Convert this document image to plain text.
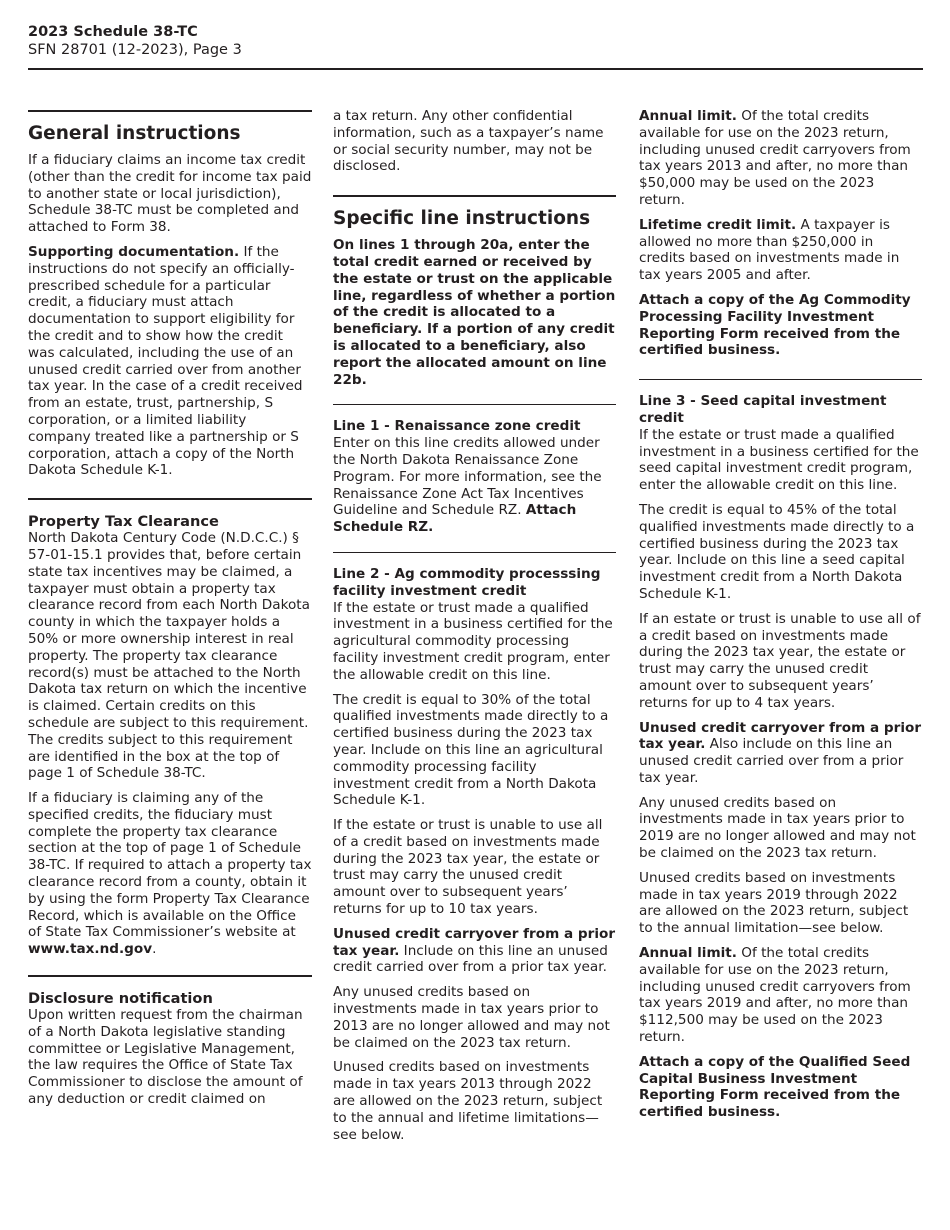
2023 Schedule 38-TC
SFN 28701 (12-2023), Page 3
General instructions

If a fiduciary claims an income tax credit (other than the credit for income tax paid to another state or local jurisdiction), Schedule 38-TC must be completed and attached to Form 38.

Supporting documentation. If the instructions do not specify an officially-prescribed schedule for a particular credit, a fiduciary must attach documentation to support eligibility for the credit and to show how the credit was calculated, including the use of an unused credit carried over from another tax year. In the case of a credit received from an estate, trust, partnership, S corporation, or a limited liability company treated like a partnership or S corporation, attach a copy of the North Dakota Schedule K-1.

Property Tax Clearance

North Dakota Century Code (N.D.C.C.) § 57-01-15.1 provides that, before certain state tax incentives may be claimed, a taxpayer must obtain a property tax clearance record from each North Dakota county in which the taxpayer holds a 50% or more ownership interest in real property. The property tax clearance record(s) must be attached to the North Dakota tax return on which the incentive is claimed. Certain credits on this schedule are subject to this requirement. The credits subject to this requirement are identified in the box at the top of page 1 of Schedule 38-TC.

If a fiduciary is claiming any of the specified credits, the fiduciary must complete the property tax clearance section at the top of page 1 of Schedule 38-TC. If required to attach a property tax clearance record from a county, obtain it by using the form Property Tax Clearance Record, which is available on the Office of State Tax Commissioner’s website at www.tax.nd.gov.

Disclosure notification

Upon written request from the chairman of a North Dakota legislative standing committee or Legislative Management, the law requires the Office of State Tax Commissioner to disclose the amount of any deduction or credit claimed on

a tax return. Any other confidential information, such as a taxpayer’s name or social security number, may not be disclosed.

Specific line instructions

On lines 1 through 20a, enter the total credit earned or received by the estate or trust on the applicable line, regardless of whether a portion of the credit is allocated to a beneficiary. If a portion of any credit is allocated to a beneficiary, also report the allocated amount on line 22b.

Line 1 - Renaissance zone credit

Enter on this line credits allowed under the North Dakota Renaissance Zone Program. For more information, see the Renaissance Zone Act Tax Incentives Guideline and Schedule RZ. Attach Schedule RZ.

Line 2 - Ag commodity processsing facility investment credit

If the estate or trust made a qualified investment in a business certified for the agricultural commodity processing facility investment credit program, enter the allowable credit on this line.

The credit is equal to 30% of the total qualified investments made directly to a certified business during the 2023 tax year. Include on this line an agricultural commodity processing facility investment credit from a North Dakota Schedule K-1.

If the estate or trust is unable to use all of a credit based on investments made during the 2023 tax year, the estate or trust may carry the unused credit amount over to subsequent years’ returns for up to 10 tax years.

Unused credit carryover from a prior tax year. Include on this line an unused credit carried over from a prior tax year.

Any unused credits based on investments made in tax years prior to 2013 are no longer allowed and may not be claimed on the 2023 tax return.

Unused credits based on investments made in tax years 2013 through 2022 are allowed on the 2023 return, subject to the annual and lifetime limitations—see below.

Annual limit. Of the total credits available for use on the 2023 return, including unused credit carryovers from tax years 2013 and after, no more than $50,000 may be used on the 2023 return.

Lifetime credit limit. A taxpayer is allowed no more than $250,000 in credits based on investments made in tax years 2005 and after.

Attach a copy of the Ag Commodity Processing Facility Investment Reporting Form received from the certified business.

Line 3 - Seed capital investment credit

If the estate or trust made a qualified investment in a business certified for the seed capital investment credit program, enter the allowable credit on this line.

The credit is equal to 45% of the total qualified investments made directly to a certified business during the 2023 tax year. Include on this line a seed capital investment credit from a North Dakota Schedule K-1.

If an estate or trust is unable to use all of a credit based on investments made during the 2023 tax year, the estate or trust may carry the unused credit amount over to subsequent years’ returns for up to 4 tax years.

Unused credit carryover from a prior tax year. Also include on this line an unused credit carried over from a prior tax year.

Any unused credits based on investments made in tax years prior to 2019 are no longer allowed and may not be claimed on the 2023 tax return.

Unused credits based on investments made in tax years 2019 through 2022 are allowed on the 2023 return, subject to the annual limitation—see below.

Annual limit. Of the total credits available for use on the 2023 return, including unused credit carryovers from tax years 2019 and after, no more than $112,500 may be used on the 2023 return.

Attach a copy of the Qualified Seed Capital Business Investment Reporting Form received from the certified business.
